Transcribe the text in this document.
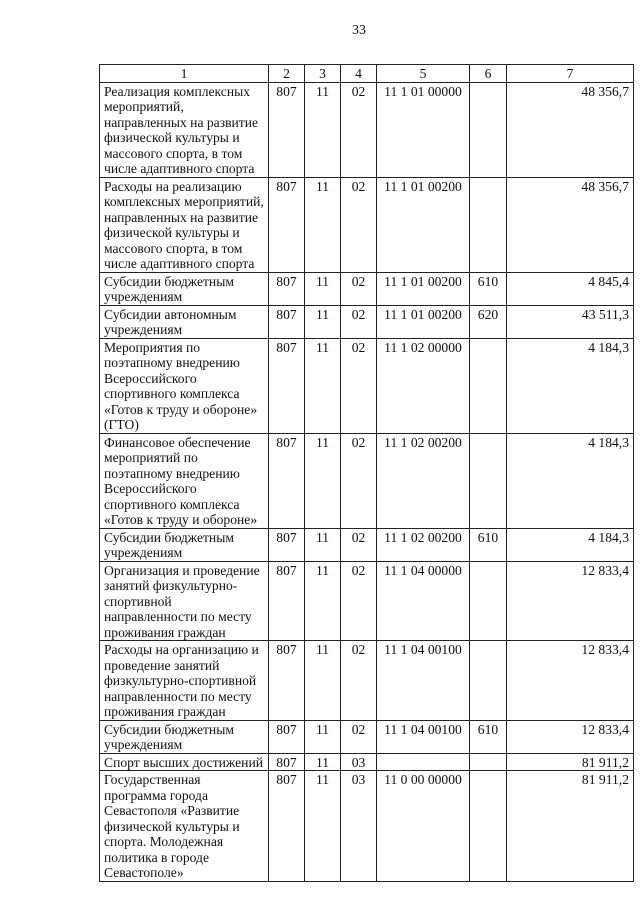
33
1	2	3	4	5	6	7
Реализация комплексных мероприятий, направленных на развитие физической культуры и массового спорта, в том числе адаптивного спорта	807	11	02	11 1 01 00000		48 356,7
Расходы на реализацию комплексных мероприятий, направленных на развитие физической культуры и массового спорта, в том числе адаптивного спорта	807	11	02	11 1 01 00200		48 356,7
Субсидии бюджетным учреждениям	807	11	02	11 1 01 00200	610	4 845,4
Субсидии автономным учреждениям	807	11	02	11 1 01 00200	620	43 511,3
Мероприятия по поэтапному внедрению Всероссийского спортивного комплекса «Готов к труду и обороне» (ГТО)	807	11	02	11 1 02 00000		4 184,3
Финансовое обеспечение мероприятий по поэтапному внедрению Всероссийского спортивного комплекса «Готов к труду и обороне»	807	11	02	11 1 02 00200		4 184,3
Субсидии бюджетным учреждениям	807	11	02	11 1 02 00200	610	4 184,3
Организация и проведение занятий физкультурно-спортивной направленности по месту проживания граждан	807	11	02	11 1 04 00000		12 833,4
Расходы на организацию и проведение занятий физкультурно-спортивной направленности по месту проживания граждан	807	11	02	11 1 04 00100		12 833,4
Субсидии бюджетным учреждениям	807	11	02	11 1 04 00100	610	12 833,4
Спорт высших достижений	807	11	03			81 911,2
Государственная программа города Севастополя «Развитие физической культуры и спорта. Молодежная политика в городе Севастополе»	807	11	03	11 0 00 00000		81 911,2
